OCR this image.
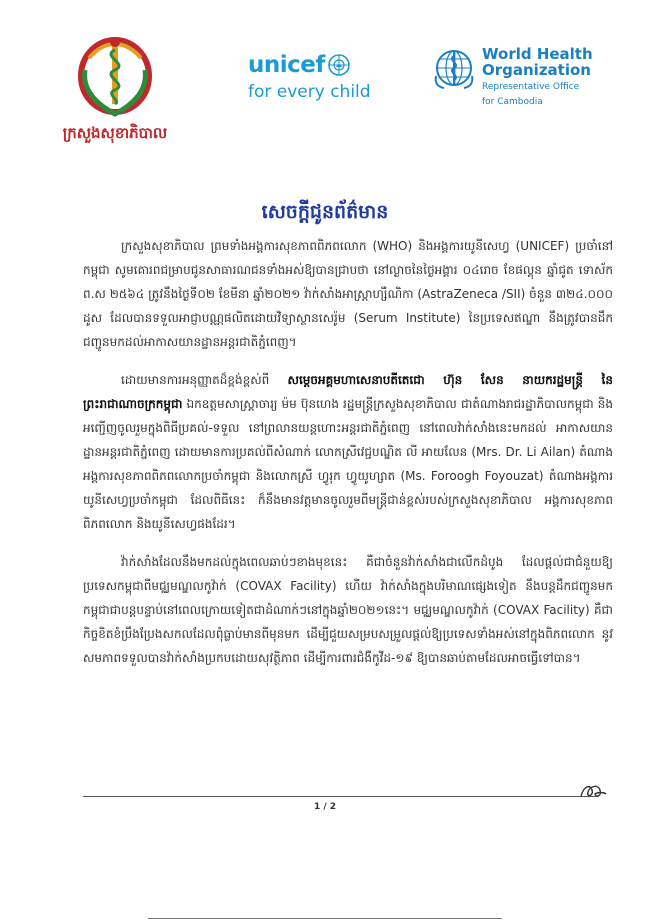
ក្រសួងសុខាភិបាល
unicef
for every child
World Health
Organization
Representative Office
for Cambodia
សេចក្តីជូនព័ត៌មាន

ក្រសួងសុខាភិបាល ព្រមទាំងអង្គការសុខភាពពិភពលោក (WHO) និងអង្គការយូនីសេហ្វ (UNICEF) ប្រចាំនៅកម្ពុជា សូមគោរពជម្រាបជូនសាធារណជនទាំងអស់ឱ្យបានជ្រាបថា នៅល្ងាចនៃថ្ងៃអង្គារ ០៤រោច ខែផល្គុន ឆ្នាំជូត ទោស័ក ព.ស ២៥៦៤ ត្រូវនឹងថ្ងៃទី០២ ខែមីនា ឆ្នាំ២០២១ វ៉ាក់សាំងអាស្ត្រាហ្សឺណិកា (AstraZeneca /SII) ចំនួន ៣២៤.០០០ ដូស ដែលបានទទួលអាជ្ញាបណ្ណផលិតដោយវិទ្យាស្ថានសេរ៉ូម (Serum Institute) នៃប្រទេសឥណ្ឌា នឹងត្រូវបានដឹកជញ្ជូនមកដល់អាកាសយានដ្ឋានអន្តរជាតិភ្នំពេញ។

ដោយមានការអនុញ្ញាតដ៏ខ្ពង់ខ្ពស់ពី សម្តេចអគ្គមហាសេនាបតីតេជោ ហ៊ុន សែន នាយករដ្ឋមន្ត្រី នៃព្រះរាជាណាចក្រកម្ពុជា ឯកឧត្តមសាស្ត្រាចារ្យ ម៉ម ប៊ុនហេង រដ្ឋមន្ត្រីក្រសួងសុខាភិបាល ជាតំណាងរាជរដ្ឋាភិបាលកម្ពុជា និងអញ្ជើញចូលរួមក្នុងពិធីប្រគល់-ទទួល នៅព្រលានយន្តហោះអន្តរជាតិភ្នំពេញ នៅពេលវ៉ាក់សាំងនេះមកដល់ អាកាសយានដ្ឋានអន្តរជាតិភ្នំពេញ ដោយមានការប្រគល់ពីសំណាក់ លោកស្រីវេជ្ជបណ្ឌិត លី អាយលែន (Mrs. Dr. Li Ailan) តំណាងអង្គការសុខភាពពិភពលោកប្រចាំកម្ពុជា និងលោកស្រី ហ្វូរុក ហ្វូយូហ្សាត (Ms. Foroogh Foyouzat) តំណាងអង្គការយូនីសេហ្វប្រចាំកម្ពុជា ដែលពិធីនេះ ក៏នឹងមានវត្តមានចូលរួមពីមន្ត្រីជាន់ខ្ពស់របស់ក្រសួងសុខាភិបាល អង្គការសុខភាពពិភពលោក និងយូនីសេហ្វផងដែរ។

វ៉ាក់សាំងដែលនឹងមកដល់ក្នុងពេលឆាប់ៗខាងមុខនេះ គឺជាចំនួនវ៉ាក់សាំងជាលើកដំបូង ដែលផ្តល់ជាជំនួយឱ្យប្រទេសកម្ពុជាពីមជ្ឈមណ្ឌលកូវ៉ាក់ (COVAX Facility) ហើយ វ៉ាក់សាំងក្នុងបរិមាណផ្សេងទៀត នឹងបន្តដឹកជញ្ជូនមកកម្ពុជាជាបន្តបន្ទាប់នៅពេលក្រោយទៀតជាដំណាក់ៗនៅក្នុងឆ្នាំ២០២១នេះ។ មជ្ឈមណ្ឌលកូវ៉ាក់ (COVAX Facility) គឺជាកិច្ចខិតខំប្រឹងប្រែងសកលដែលពុំធ្លាប់មានពីមុនមក ដើម្បីជួយសម្របសម្រួលផ្តល់ឱ្យប្រទេសទាំងអស់នៅក្នុងពិភពលោក នូវសមភាពទទួលបានវ៉ាក់សាំងប្រកបដោយសុវត្ថិភាព ដើម្បីការពារជំងឺកូវីដ-១៩ ឱ្យបានឆាប់តាមដែលអាចធ្វើទៅបាន។

1 / 2
